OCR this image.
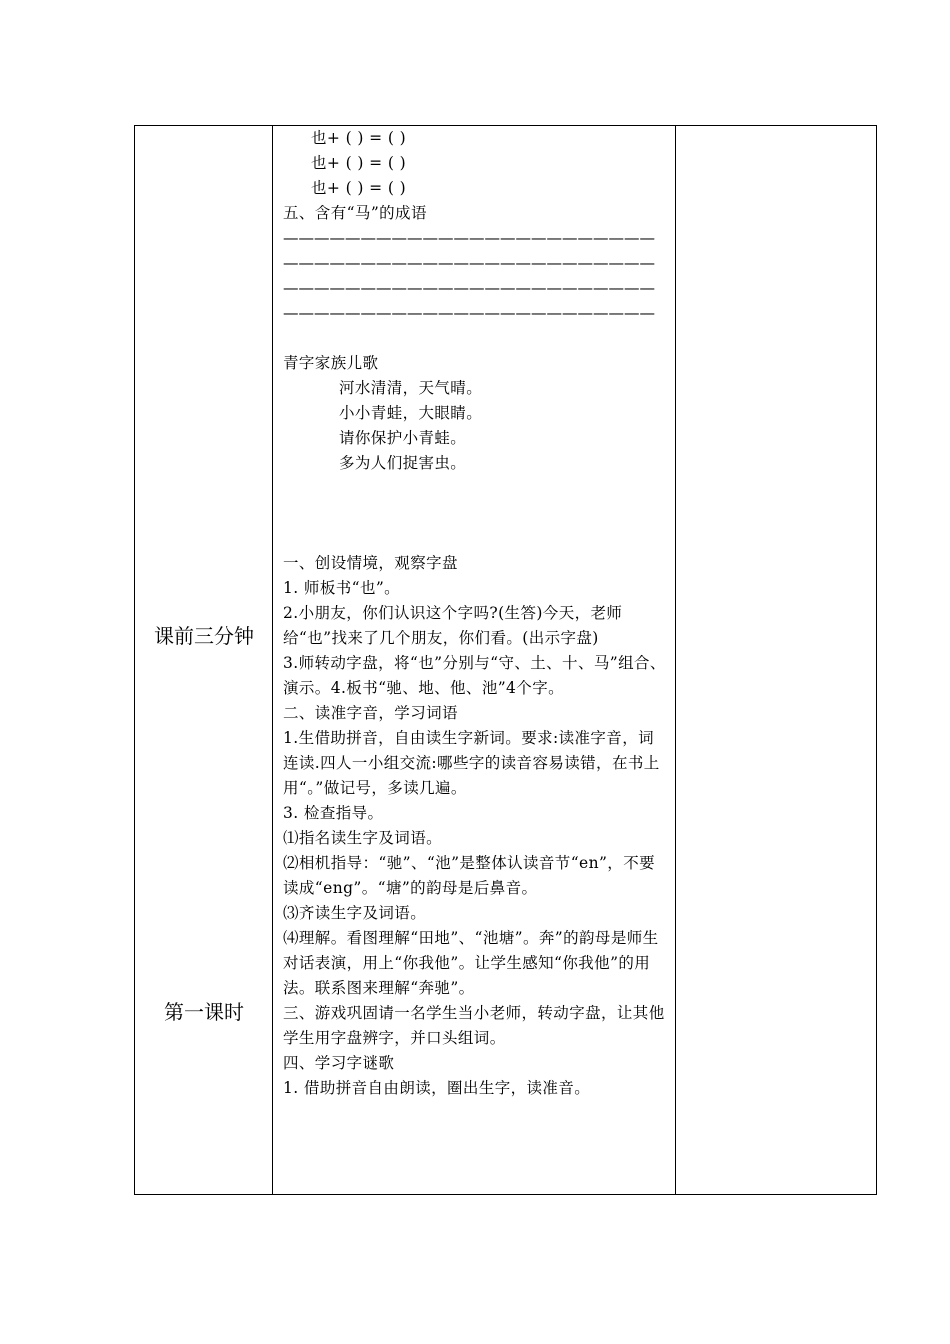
课前三分钟
第一课时
也+ ( ) = ( )
也+ ( ) = ( )
也+ ( ) = ( )
五、含有“马”的成语
————————————————————————
————————————————————————
————————————————————————
————————————————————————
青字家族儿歌
河水清清，天气晴。
小小青蛙，大眼睛。
请你保护小青蛙。
多为人们捉害虫。
一、创设情境，观察字盘
1. 师板书“也”。
2.小朋友，你们认识这个字吗?(生答)今天，老师给“也”找来了几个朋友，你们看。(出示字盘)
3.师转动字盘，将“也”分别与“守、土、十、马”组合、演示。4.板书“驰、地、他、池”4个字。
二、读准字音，学习词语
1.生借助拼音，自由读生字新词。要求:读准字音，词连读.四人一小组交流:哪些字的读音容易读错，在书上用“。”做记号，多读几遍。
3. 检查指导。
⑴指名读生字及词语。
⑵相机指导：“驰”、“池”是整体认读音节“en”，不要读成“eng”。“塘”的韵母是后鼻音。
⑶齐读生字及词语。
⑷理解。看图理解“田地”、“池塘”。奔”的韵母是师生对话表演，用上“你我他”。让学生感知“你我他”的用法。联系图来理解“奔驰”。
三、游戏巩固请一名学生当小老师，转动字盘，让其他学生用字盘辨字，并口头组词。
四、学习字谜歌
1. 借助拼音自由朗读，圈出生字，读准音。
